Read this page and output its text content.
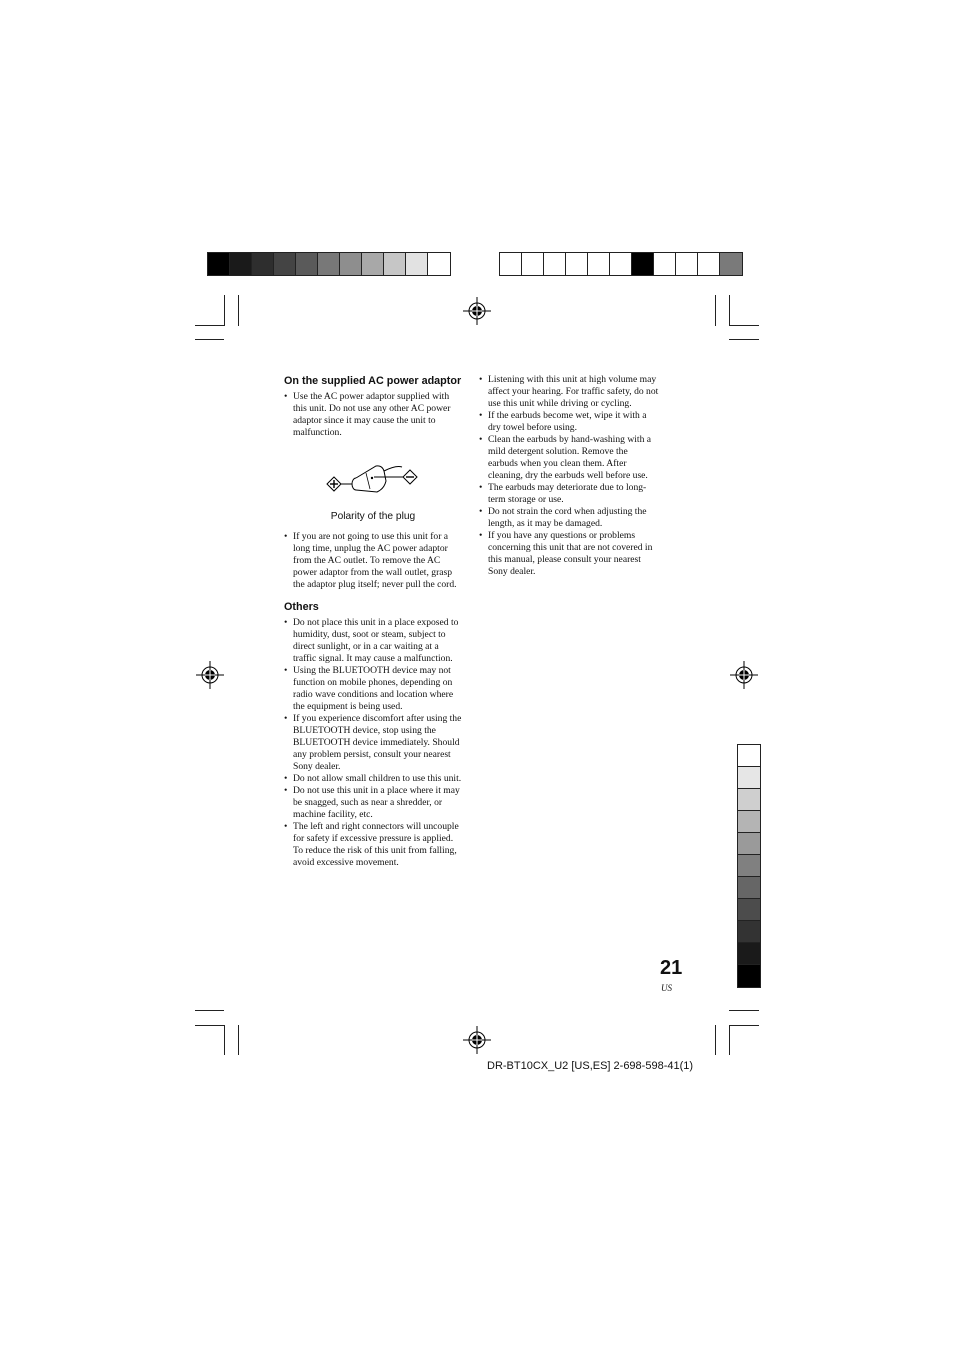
On the supplied AC power adaptor
• Use the AC power adaptor supplied with this unit. Do not use any other AC power adaptor since it may cause the unit to malfunction.
Polarity of the plug
• If you are not going to use this unit for a long time, unplug the AC power adaptor from the AC outlet. To remove the AC power adaptor from the wall outlet, grasp the adaptor plug itself; never pull the cord.
Others
• Do not place this unit in a place exposed to humidity, dust, soot or steam, subject to direct sunlight, or in a car waiting at a traffic signal. It may cause a malfunction.
• Using the BLUETOOTH device may not function on mobile phones, depending on radio wave conditions and location where the equipment is being used.
• If you experience discomfort after using the BLUETOOTH device, stop using the BLUETOOTH device immediately. Should any problem persist, consult your nearest Sony dealer.
• Do not allow small children to use this unit.
• Do not use this unit in a place where it may be snagged, such as near a shredder, or machine facility, etc.
• The left and right connectors will uncouple for safety if excessive pressure is applied. To reduce the risk of this unit from falling, avoid excessive movement.
• Listening with this unit at high volume may affect your hearing. For traffic safety, do not use this unit while driving or cycling.
• If the earbuds become wet, wipe it with a dry towel before using.
• Clean the earbuds by hand-washing with a mild detergent solution. Remove the earbuds when you clean them. After cleaning, dry the earbuds well before use.
• The earbuds may deteriorate due to long-term storage or use.
• Do not strain the cord when adjusting the length, as it may be damaged.
• If you have any questions or problems concerning this unit that are not covered in this manual, please consult your nearest Sony dealer.
21
US
DR-BT10CX_U2 [US,ES] 2-698-598-41(1)
